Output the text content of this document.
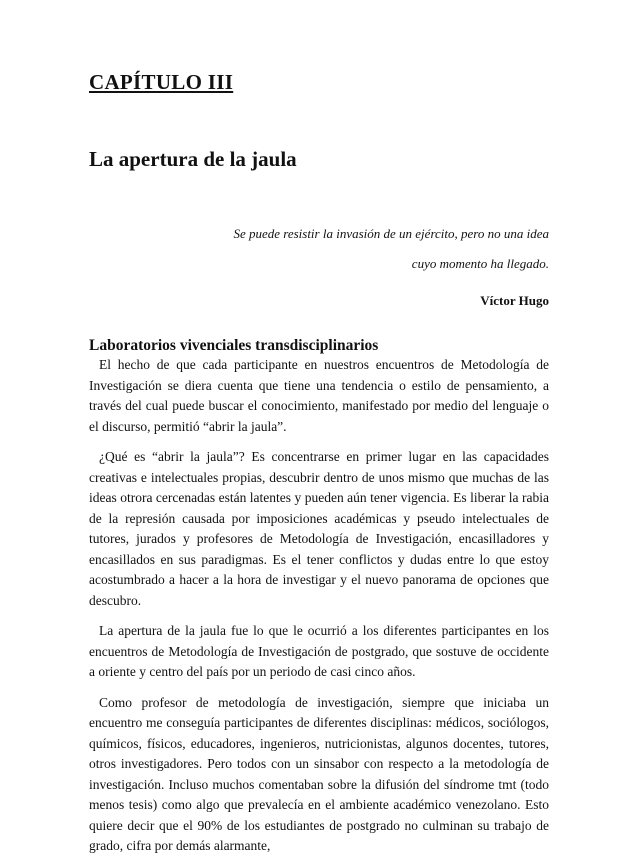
CAPÍTULO III
La apertura de la jaula
Se puede resistir la invasión de un ejército, pero no una idea
cuyo momento ha llegado.
Víctor Hugo
Laboratorios vivenciales transdisciplinarios

El hecho de que cada participante en nuestros encuentros de Metodología de Investigación se diera cuenta que tiene una tendencia o estilo de pensamiento, a través del cual puede buscar el conocimiento, manifestado por medio del lenguaje o el discurso, permitió “abrir la jaula”.

¿Qué es “abrir la jaula”? Es concentrarse en primer lugar en las capacidades creativas e intelectuales propias, descubrir dentro de unos mismo que muchas de las ideas otrora cercenadas están latentes y pueden aún tener vigencia. Es liberar la rabia de la represión causada por imposiciones académicas y pseudo intelectuales de tutores, jurados y profesores de Metodología de Investigación, encasilladores y encasillados en sus paradigmas. Es el tener conflictos y dudas entre lo que estoy acostumbrado a hacer a la hora de investigar y el nuevo panorama de opciones que descubro.

La apertura de la jaula fue lo que le ocurrió a los diferentes participantes en los encuentros de Metodología de Investigación de postgrado, que sostuve de occidente a oriente y centro del país por un periodo de casi cinco años.

Como profesor de metodología de investigación, siempre que iniciaba un encuentro me conseguía participantes de diferentes disciplinas: médicos, sociólogos, químicos, físicos, educadores, ingenieros, nutricionistas, algunos docentes, tutores, otros investigadores. Pero todos con un sinsabor con respecto a la metodología de investigación. Incluso muchos comentaban sobre la difusión del síndrome tmt (todo menos tesis) como algo que prevalecía en el ambiente académico venezolano. Esto quiere decir que el 90% de los estudiantes de postgrado no culminan su trabajo de grado, cifra por demás alarmante,
